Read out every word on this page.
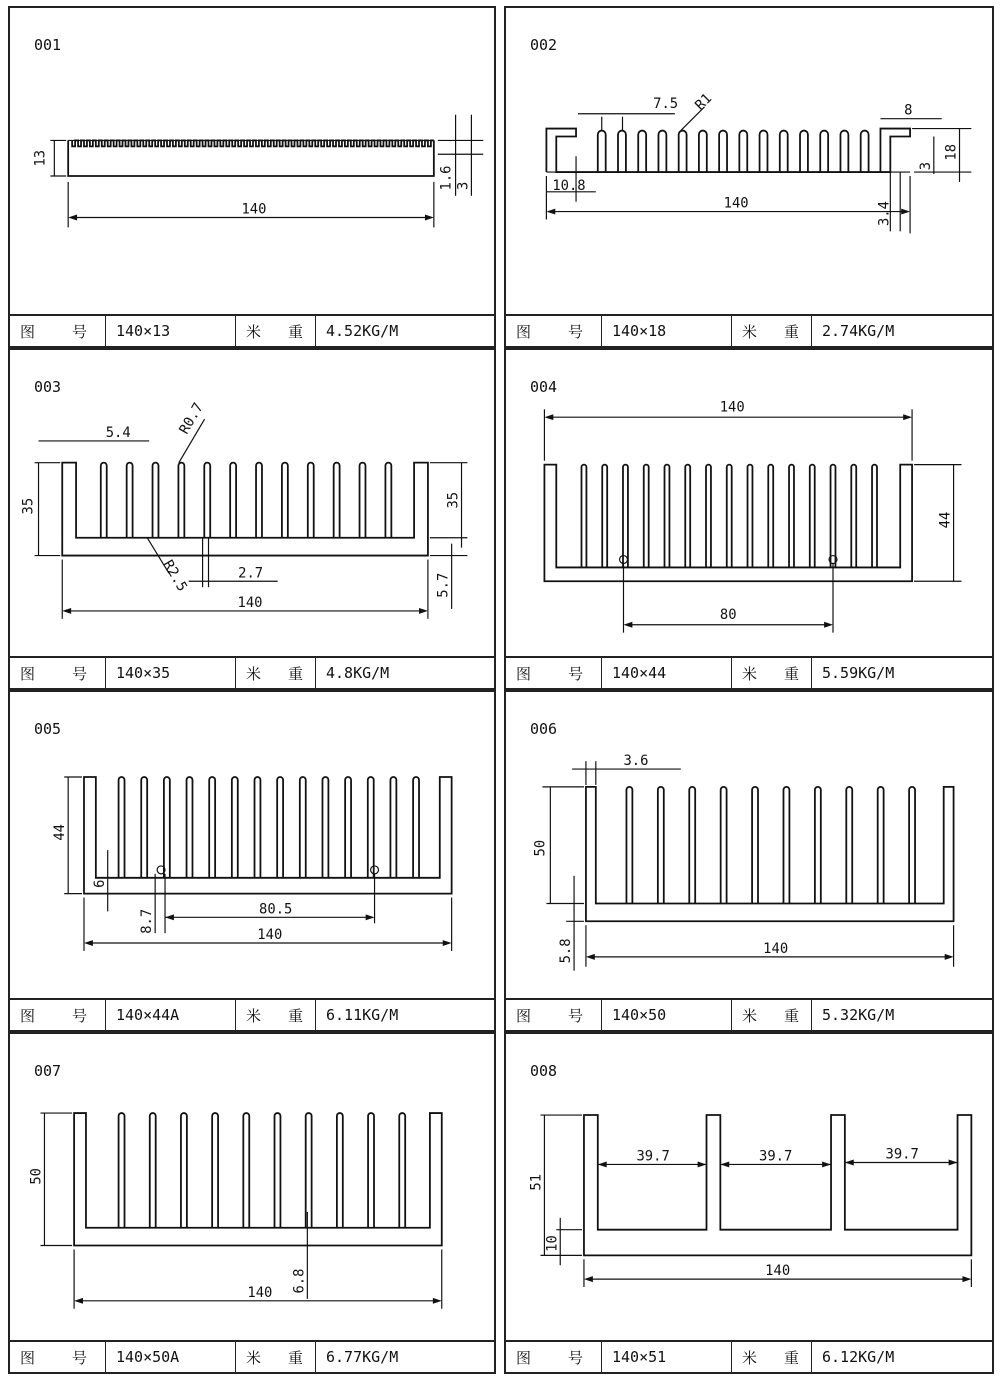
140
13
1.6 3
001
图 号	140×13	米 重	4.52KG/M
140
10.8
7.5 R1	8
18
3
3.4
002
图 号	140×18	米 重	2.74KG/M
140
35	35
5.7
5.4	R0.7
R2.5	2.7
003
图 号	140×35	米 重	4.8KG/M
140
44
80
004
图 号	140×44	米 重	5.59KG/M
44
6
8.7	80.5
140
005
图 号	140×44A	米 重	6.11KG/M
50
5.8
3.6
140
006
图 号	140×50	米 重	5.32KG/M
50
6.8
140
007
图 号	140×50A	米 重	6.77KG/M
51
10
39.7	39.7	39.7
140
008
图 号	140×51	米 重	6.12KG/M
